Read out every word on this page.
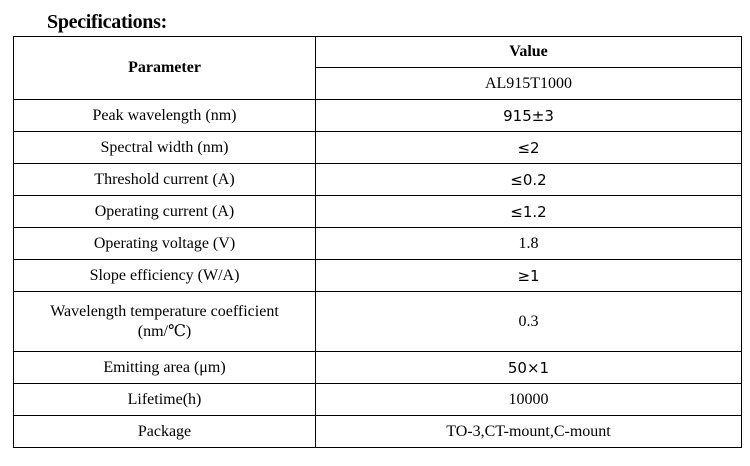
Specifications:
Parameter	Value
	AL915T1000
Peak wavelength (nm)	915±3
Spectral width (nm)	≤2
Threshold current (A)	≤0.2
Operating current (A)	≤1.2
Operating voltage (V)	1.8
Slope efficiency (W/A)	≥1

Wavelength temperature coefficient
(nm/℃)	0.3
Emitting area (μm)	50×1
Lifetime(h)	10000
Package	TO-3,CT-mount,C-mount
